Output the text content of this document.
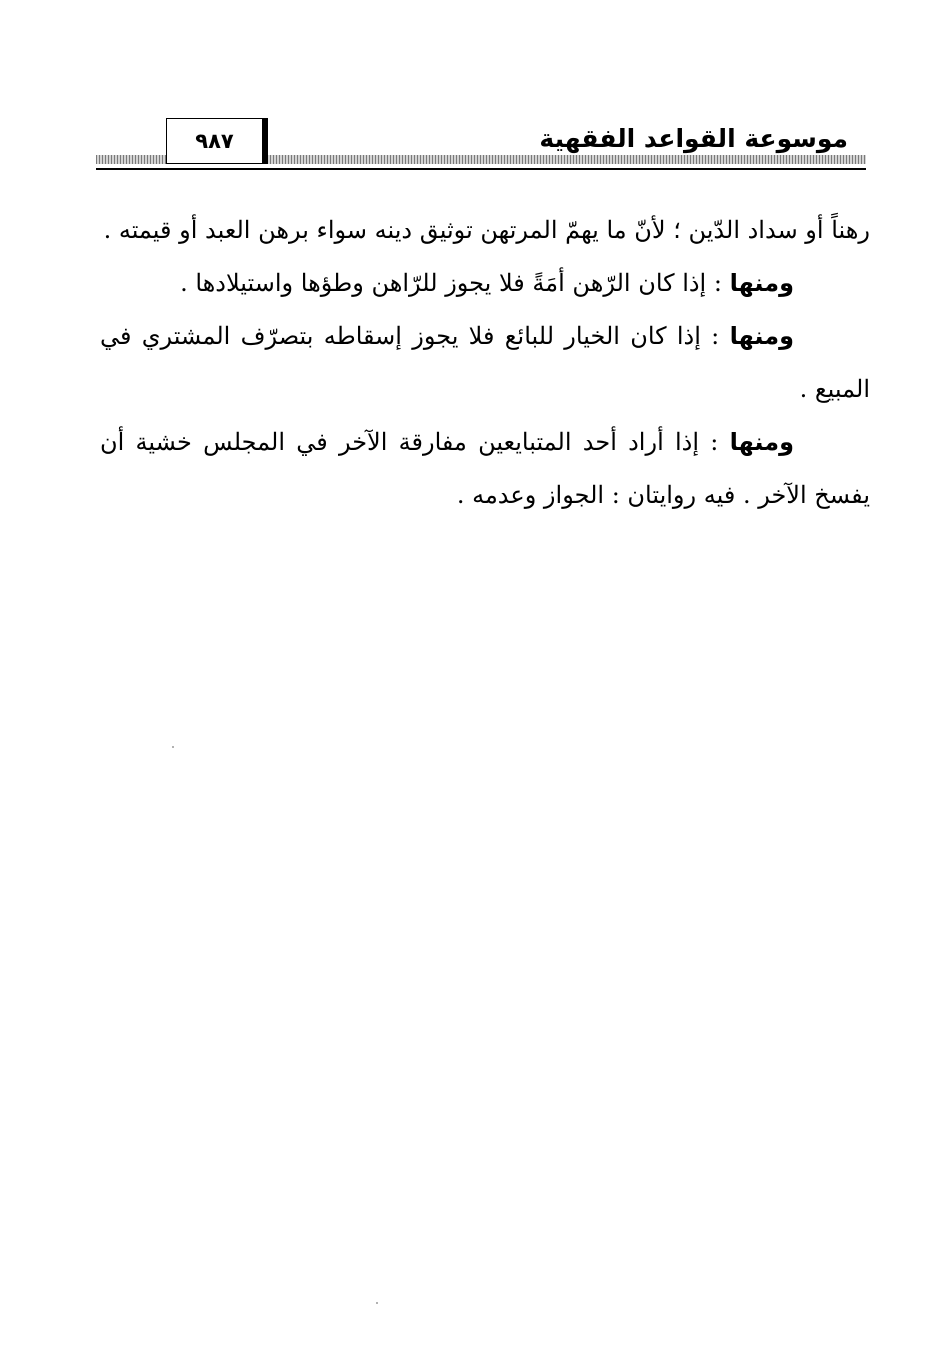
موسوعة القواعد الفقهية
٩٨٧

رهناً أو سداد الدّين ؛ لأنّ ما يهمّ المرتهن توثيق دينه سواء برهن العبد أو قيمته .

ومنها : إذا كان الرّهن أمَةً فلا يجوز للرّاهن وطؤها واستيلادها .

ومنها : إذا كان الخيار للبائع فلا يجوز إسقاطه بتصرّف المشتري في المبيع .

ومنها : إذا أراد أحد المتبايعين مفارقة الآخر في المجلس خشية أن يفسخ الآخر . فيه روايتان : الجواز وعدمه .
